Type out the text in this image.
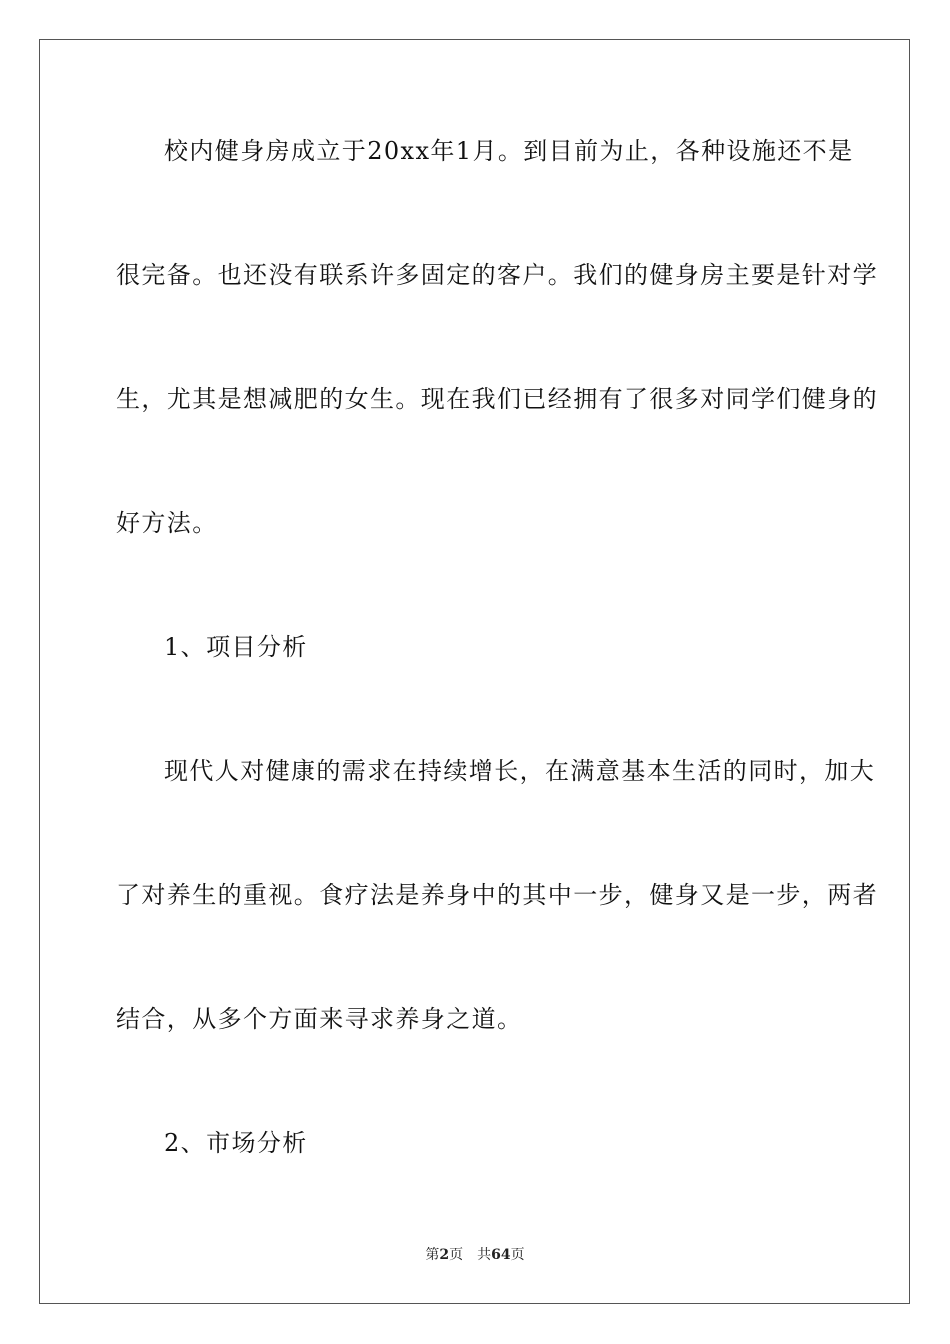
校内健身房成立于20xx年1月。到目前为止，各种设施还不是
很完备。也还没有联系许多固定的客户。我们的健身房主要是针对学
生，尤其是想减肥的女生。现在我们已经拥有了很多对同学们健身的
好方法。
1、项目分析
现代人对健康的需求在持续增长，在满意基本生活的同时，加大
了对养生的重视。食疗法是养身中的其中一步，健身又是一步，两者
结合，从多个方面来寻求养身之道。
2、市场分析
第2页 共64页
